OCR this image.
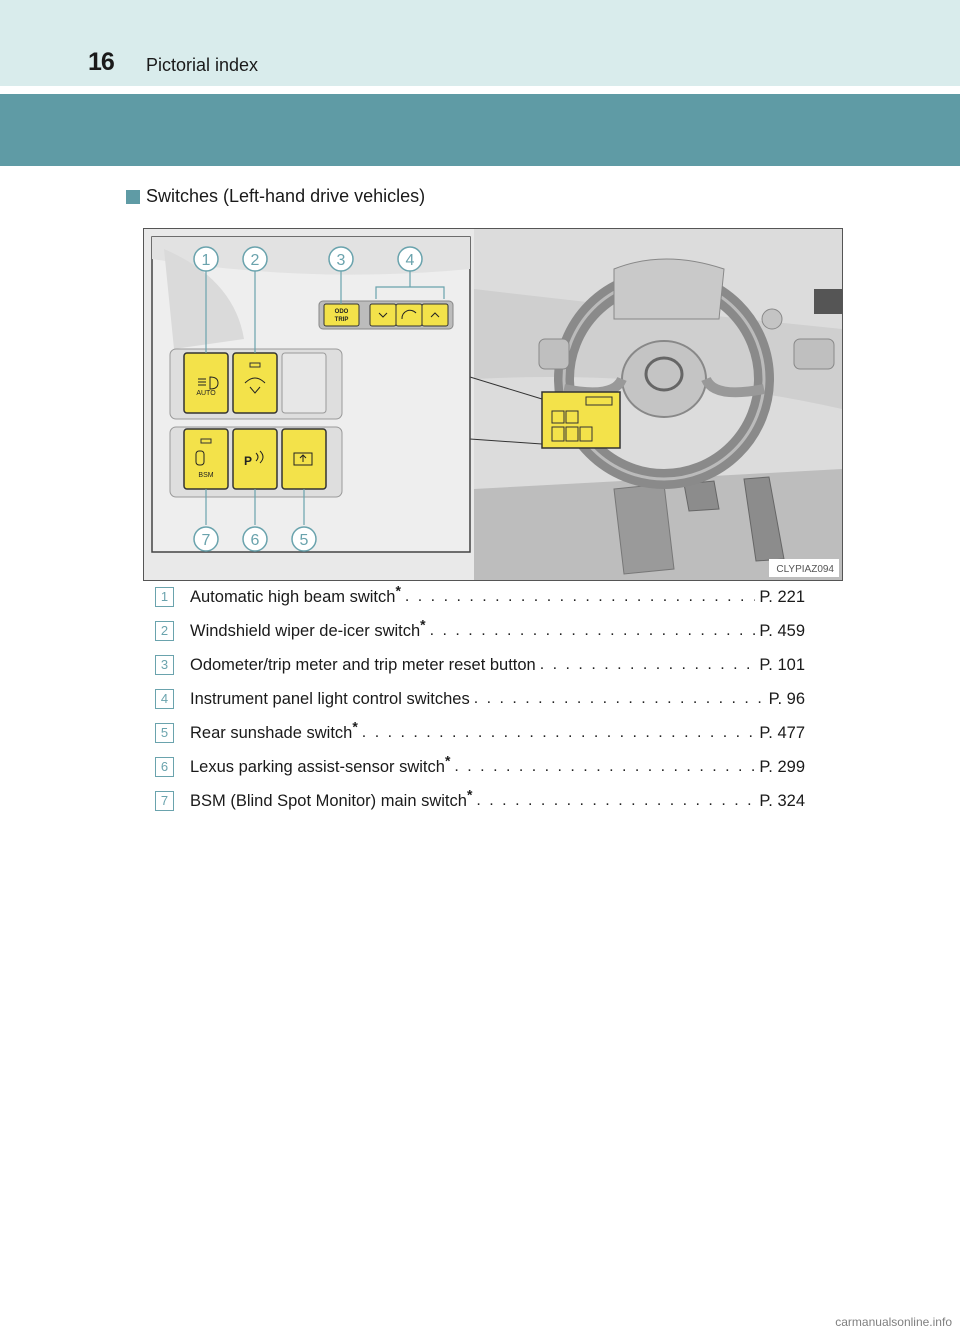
16 Pictorial index
Switches (Left-hand drive vehicles)
AUTO
BSM
P
ODO
TRIP
1	2	3	4
5
6
7
CLYPIAZ094
1	Automatic high beam switch* . . .	P. 221
2	Windshield wiper de-icer switch* . . .	P. 459
3	Odometer/trip meter and trip meter reset button . . .	P. 101
4	Instrument panel light control switches . . .	P. 96
5	Rear sunshade switch* . . .	P. 477
6	Lexus parking assist-sensor switch* . . .	P. 299
7	BSM (Blind Spot Monitor) main switch* . . .	P. 324
carmanualsonline.info
